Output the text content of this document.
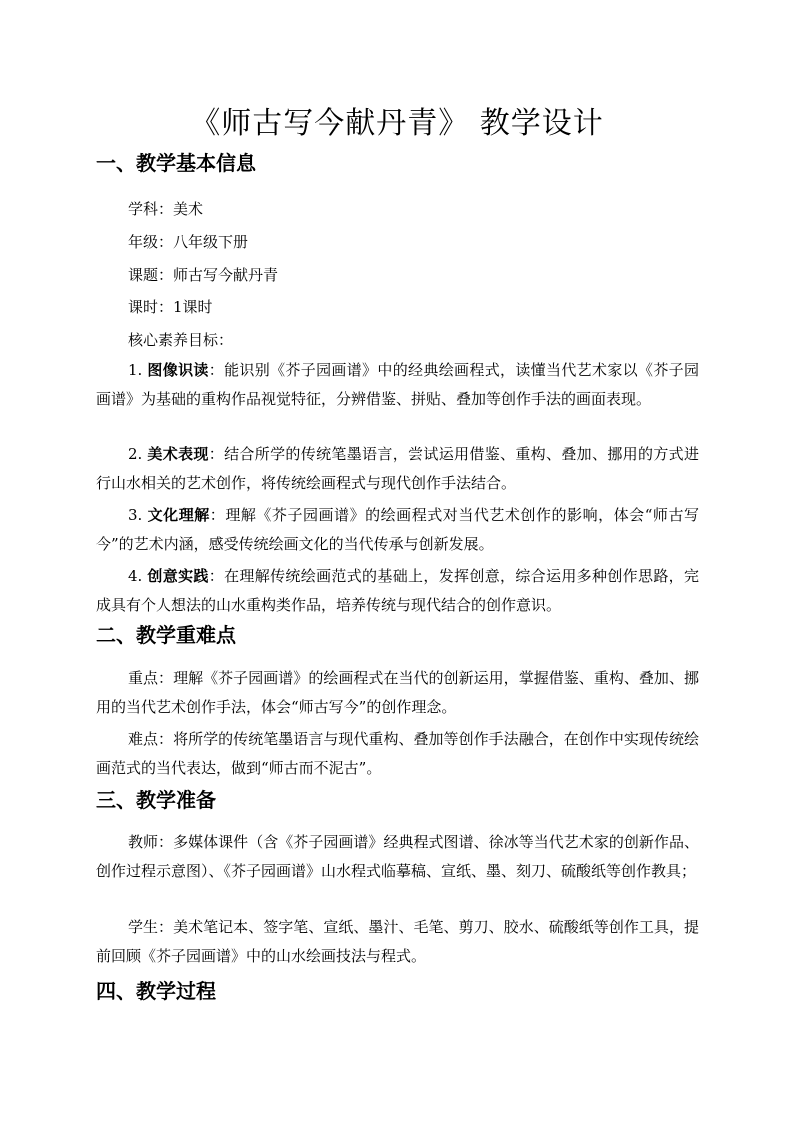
《师古写今献丹青》 教学设计
一、教学基本信息
学科：美术
年级：八年级下册
课题：师古写今献丹青
课时：1课时
核心素养目标：
1. 图像识读：能识别《芥子园画谱》中的经典绘画程式，读懂当代艺术家以《芥子园画谱》为基础的重构作品视觉特征，分辨借鉴、拼贴、叠加等创作手法的画面表现。
2. 美术表现：结合所学的传统笔墨语言，尝试运用借鉴、重构、叠加、挪用的方式进行山水相关的艺术创作，将传统绘画程式与现代创作手法结合。
3. 文化理解：理解《芥子园画谱》的绘画程式对当代艺术创作的影响，体会“师古写今”的艺术内涵，感受传统绘画文化的当代传承与创新发展。
4. 创意实践：在理解传统绘画范式的基础上，发挥创意，综合运用多种创作思路，完成具有个人想法的山水重构类作品，培养传统与现代结合的创作意识。
二、教学重难点
重点：理解《芥子园画谱》的绘画程式在当代的创新运用，掌握借鉴、重构、叠加、挪用的当代艺术创作手法，体会“师古写今”的创作理念。
难点：将所学的传统笔墨语言与现代重构、叠加等创作手法融合，在创作中实现传统绘画范式的当代表达，做到“师古而不泥古”。
三、教学准备
教师：多媒体课件（含《芥子园画谱》经典程式图谱、徐冰等当代艺术家的创新作品、创作过程示意图）、《芥子园画谱》山水程式临摹稿、宣纸、墨、刻刀、硫酸纸等创作教具；
学生：美术笔记本、签字笔、宣纸、墨汁、毛笔、剪刀、胶水、硫酸纸等创作工具，提前回顾《芥子园画谱》中的山水绘画技法与程式。
四、教学过程
